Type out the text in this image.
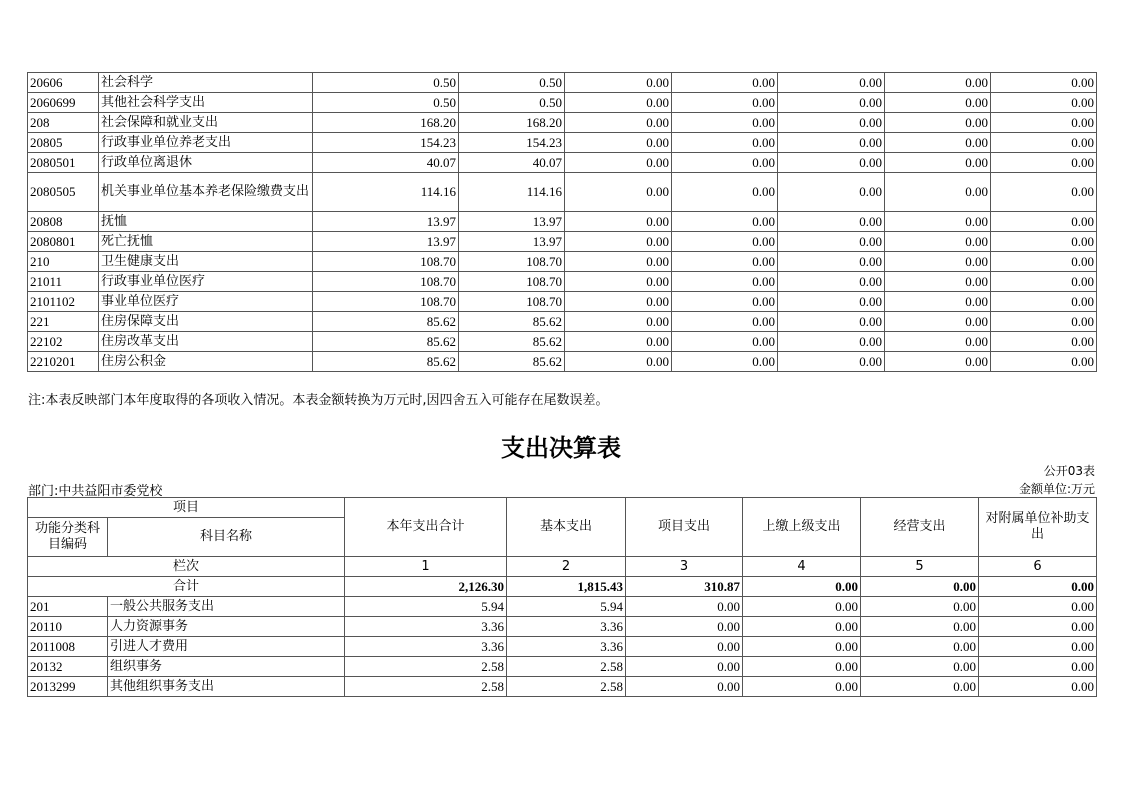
20606	社会科学	0.50	0.50	0.00	0.00	0.00	0.00	0.00
2060699	其他社会科学支出	0.50	0.50	0.00	0.00	0.00	0.00	0.00
208	社会保障和就业支出	168.20	168.20	0.00	0.00	0.00	0.00	0.00
20805	行政事业单位养老支出	154.23	154.23	0.00	0.00	0.00	0.00	0.00
2080501	行政单位离退休	40.07	40.07	0.00	0.00	0.00	0.00	0.00
2080505	机关事业单位基本养老保险缴费支出	114.16	114.16	0.00	0.00	0.00	0.00	0.00
20808	抚恤	13.97	13.97	0.00	0.00	0.00	0.00	0.00
2080801	死亡抚恤	13.97	13.97	0.00	0.00	0.00	0.00	0.00
210	卫生健康支出	108.70	108.70	0.00	0.00	0.00	0.00	0.00
21011	行政事业单位医疗	108.70	108.70	0.00	0.00	0.00	0.00	0.00
2101102	事业单位医疗	108.70	108.70	0.00	0.00	0.00	0.00	0.00
221	住房保障支出	85.62	85.62	0.00	0.00	0.00	0.00	0.00
22102	住房改革支出	85.62	85.62	0.00	0.00	0.00	0.00	0.00
2210201	住房公积金	85.62	85.62	0.00	0.00	0.00	0.00	0.00
注:本表反映部门本年度取得的各项收入情况。本表金额转换为万元时,因四舍五入可能存在尾数误差。
支出决算表
公开03表
部门:中共益阳市委党校	金额单位:万元
项目		本年支出合计	基本支出	项目支出	上缴上级支出	经营支出	对附属单位补助支出
功能分类科目编码	科目名称						

栏次		1	2	3	4	5	6
合计		2,126.30	1,815.43	310.87	0.00	0.00	0.00
201	一般公共服务支出	5.94	5.94	0.00	0.00	0.00	0.00
20110	人力资源事务	3.36	3.36	0.00	0.00	0.00	0.00
2011008	引进人才费用	3.36	3.36	0.00	0.00	0.00	0.00
20132	组织事务	2.58	2.58	0.00	0.00	0.00	0.00
2013299	其他组织事务支出	2.58	2.58	0.00	0.00	0.00	0.00
